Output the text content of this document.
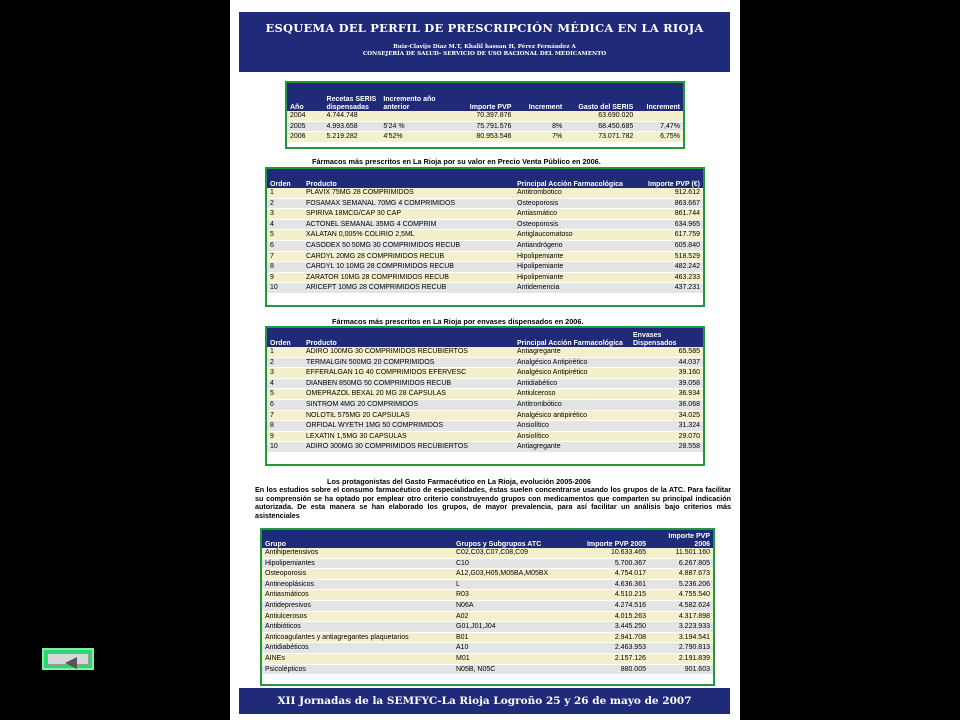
ESQUEMA DEL PERFIL DE PRESCRIPCIÓN MÉDICA EN LA RIOJA
Ruiz-Clavijo Díaz M.T, Khalil hassan H, Pérez Fernández A
CONSEJERÍA DE SALUD- SERVICIO DE USO RACIONAL DEL MEDICAMENTO
Año	Recetas SERIS dispensadas	Incremento año anterior	Importe PVP	Increment	Gasto del SERIS	Increment
2004	4.744.748		70.397.876		63.690.020	
2005	4.993.658	5'24 %	75.791.576	8%	68.450.685	7,47%
2006	5.219.282	4'52%	80.953.546	7%	73.071.782	6,75%
Fármacos más prescritos en La Rioja por su valor en Precio Venta Público en 2006.
Orden	Producto	Principal Acción Farmacológica	Importe PVP (€)
1	PLAVIX 75MG 28 COMPRIMIDOS	Antitrombótico	912.612
2	FOSAMAX SEMANAL 70MG 4 COMPRIMIDOS	Osteoporosis	863.667
3	SPIRIVA 18MCG/CAP 30 CAP	Antiasmático	861.744
4	ACTONEL SEMANAL 35MG 4 COMPRIM	Osteoporosis	634.965
5	XALATAN 0,005% COLIRIO 2,5ML	Antiglaucomatoso	617.759
6	CASODEX 50 50MG 30 COMPRIMIDOS RECUB	Antiandrógeno	605.840
7	CARDYL 20MG 28 COMPRIMIDOS RECUB	Hipolipemiante	518.529
8	CARDYL 10 10MG 28 COMPRIMIDOS RECUB	Hipolipemiante	482.242
9	ZARATOR 10MG 28 COMPRIMIDOS RECUB	Hipolipemiante	463.233
10	ARICEPT 10MG 28 COMPRIMIDOS RECUB	Antidemencia	437.231
Fármacos más prescritos en La Rioja por envases dispensados en 2006.
Orden	Producto	Principal Acción Farmacológica	Envases Dispensados
1	ADIRO 100MG 30 COMPRIMIDOS RECUBIERTOS	Antiagregante	65.585
2	TERMALGIN 500MG 20 COMPRIMIDOS	Analgésico Antipirético	44.037
3	EFFERALGAN 1G 40 COMPRIMIDOS EFERVESC	Analgésico Antipirético	39.160
4	DIANBEN 850MG 50 COMPRIMIDOS RECUB	Antidiabético	39.058
5	OMEPRAZOL BEXAL 20 MG 28 CAPSULAS	Antiulceroso	36.934
6	SINTROM 4MG 20 COMPRIMIDOS	Antitrombótico	36.068
7	NOLOTIL 575MG 20 CAPSULAS	Analgésico antipirético	34.025
8	ORFIDAL WYETH 1MG 50 COMPRIMIDOS	Ansiolítico	31.324
9	LEXATIN 1,5MG 30 CAPSULAS	Ansiolítico	29.070
10	ADIRO 300MG 30 COMPRIMIDOS RECUBIERTOS	Antiagregante	28.558
Los protagonistas del Gasto Farmacéutico en La Rioja, evolución 2005-2006
En los estudios sobre el consumo farmacéutico de especialidades, éstas suelen concentrarse usando los grupos de la ATC. Para facilitar su comprensión se ha optado por emplear otro criterio construyendo grupos con medicamentos que comparten su principal indicación autorizada. De esta manera se han elaborado los grupos, de mayor prevalencia, para así facilitar un análisis bajo criterios más asistenciales
Grupo	Grupos y Subgrupos ATC	Importe PVP 2005	Importe PVP 2006
Antihipertensivos	C02,C03,C07,C08,C09	10.633.465	11.501.160
Hipolipemiantes	C10	5.700.367	6.267.805
Osteoporosis	A12,G03,H05,M05BA,M05BX	4.754.017	4.887.673
Antineoplásicos	L	4.636.361	5.236.206
Antiasmáticos	R03	4.510.215	4.755.540
Antidepresivos	N06A	4.274.516	4.582.624
Antiulcerosos	A02	4.015.263	4.317.898
Antibióticos	G01,J01,J04	3.445.250	3.223.933
Anticoagulantes y antiagregantes plaquetarios	B01	2.941.708	3.194.541
Antidiabéticos	A10	2.463.953	2.790.813
AINEs	M01	2.157.126	2.191.839
Psicolépticos	N05B, N05C	880.005	901.603
XII Jornadas de la SEMFYC-La Rioja Logroño 25 y 26 de mayo de 2007
